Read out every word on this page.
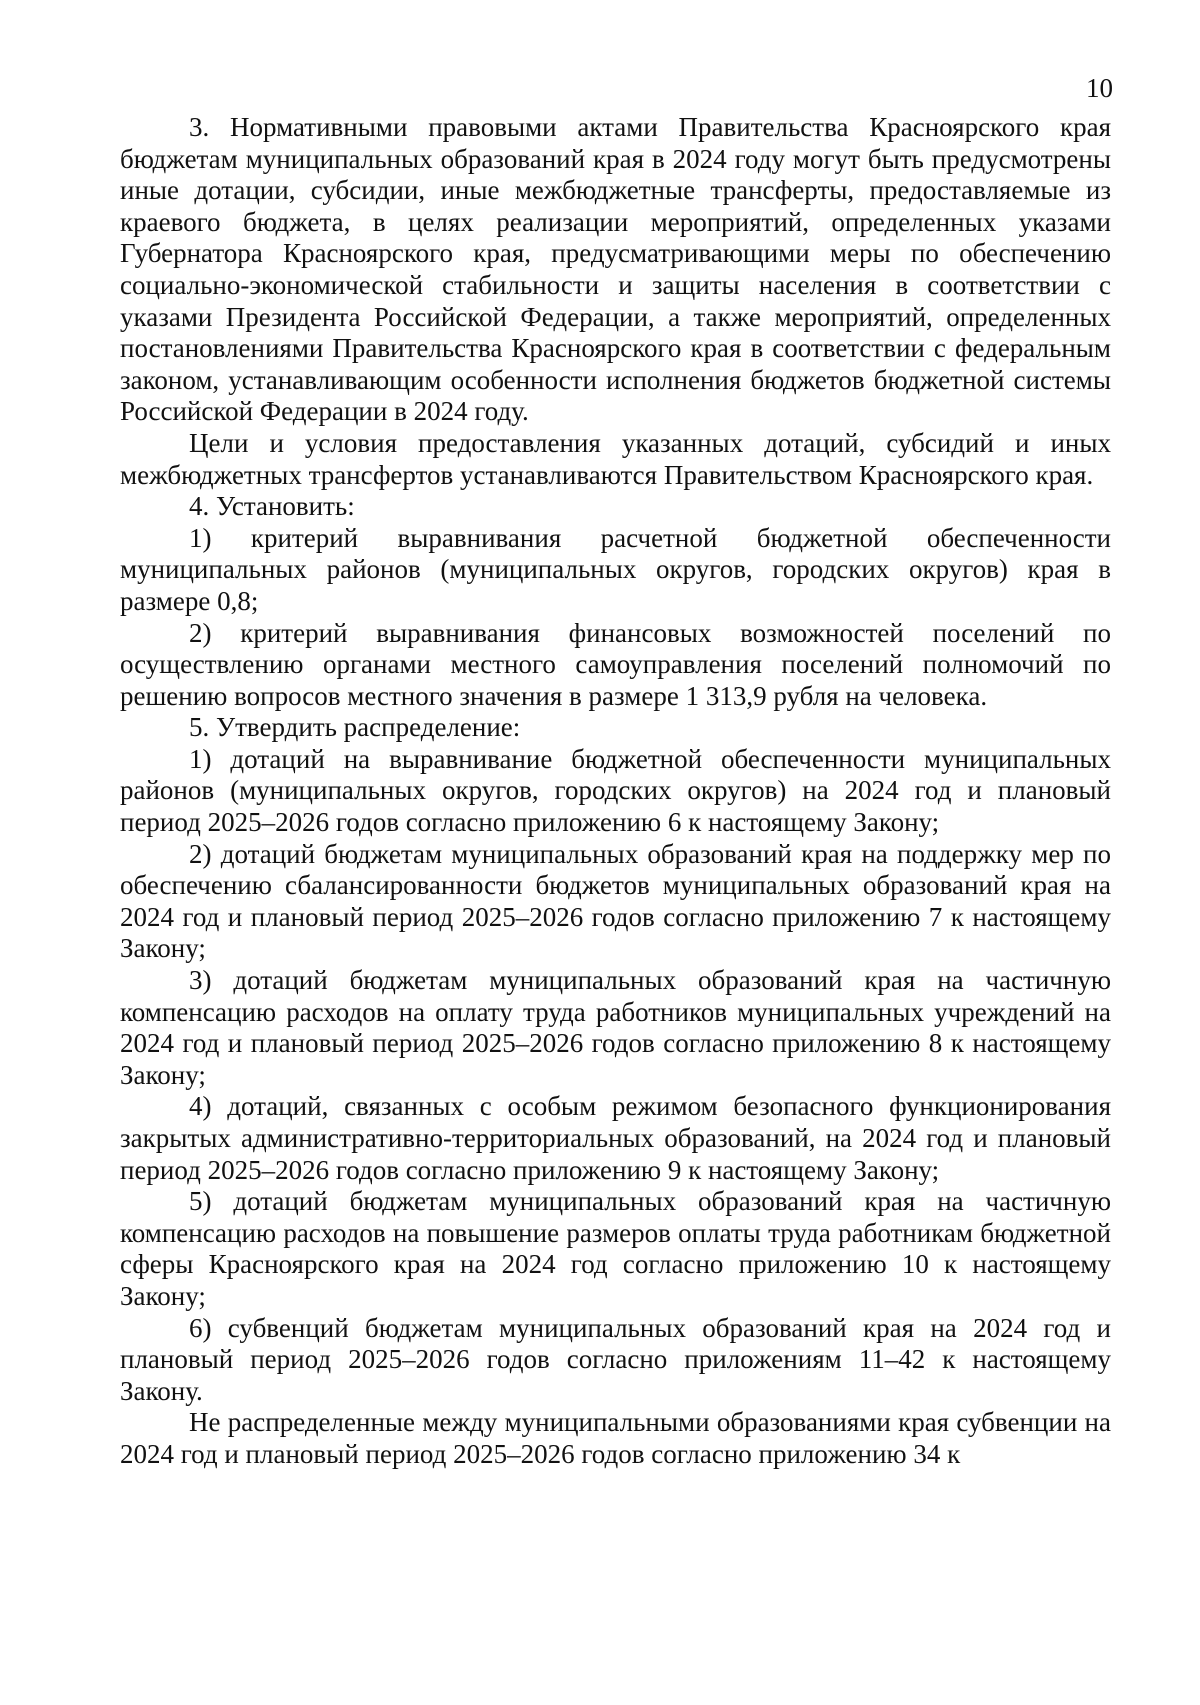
10

3. Нормативными правовыми актами Правительства Красноярского края бюджетам муниципальных образований края в 2024 году могут быть предусмотрены иные дотации, субсидии, иные межбюджетные трансферты, предоставляемые из краевого бюджета, в целях реализации мероприятий, определенных указами Губернатора Красноярского края, предусматривающими меры по обеспечению социально-экономической стабильности и защиты населения в соответствии с указами Президента Российской Федерации, а также мероприятий, определенных постановлениями Правительства Красноярского края в соответствии с федеральным законом, устанавливающим особенности исполнения бюджетов бюджетной системы Российской Федерации в 2024 году.

Цели и условия предоставления указанных дотаций, субсидий и иных межбюджетных трансфертов устанавливаются Правительством Красноярского края.

4. Установить:

1) критерий выравнивания расчетной бюджетной обеспеченности муниципальных районов (муниципальных округов, городских округов) края в размере 0,8;

2) критерий выравнивания финансовых возможностей поселений по осуществлению органами местного самоуправления поселений полномочий по решению вопросов местного значения в размере 1 313,9 рубля на человека.

5. Утвердить распределение:

1) дотаций на выравнивание бюджетной обеспеченности муниципальных районов (муниципальных округов, городских округов) на 2024 год и плановый период 2025–2026 годов согласно приложению 6 к настоящему Закону;

2) дотаций бюджетам муниципальных образований края на поддержку мер по обеспечению сбалансированности бюджетов муниципальных образований края на 2024 год и плановый период 2025–2026 годов согласно приложению 7 к настоящему Закону;

3) дотаций бюджетам муниципальных образований края на частичную компенсацию расходов на оплату труда работников муниципальных учреждений на 2024 год и плановый период 2025–2026 годов согласно приложению 8 к настоящему Закону;

4) дотаций, связанных с особым режимом безопасного функционирования закрытых административно-территориальных образований, на 2024 год и плановый период 2025–2026 годов согласно приложению 9 к настоящему Закону;

5) дотаций бюджетам муниципальных образований края на частичную компенсацию расходов на повышение размеров оплаты труда работникам бюджетной сферы Красноярского края на 2024 год согласно приложению 10 к настоящему Закону;

6) субвенций бюджетам муниципальных образований края на 2024 год и плановый период 2025–2026 годов согласно приложениям 11–42 к настоящему Закону.

Не распределенные между муниципальными образованиями края субвенции на 2024 год и плановый период 2025–2026 годов согласно приложению 34 к
